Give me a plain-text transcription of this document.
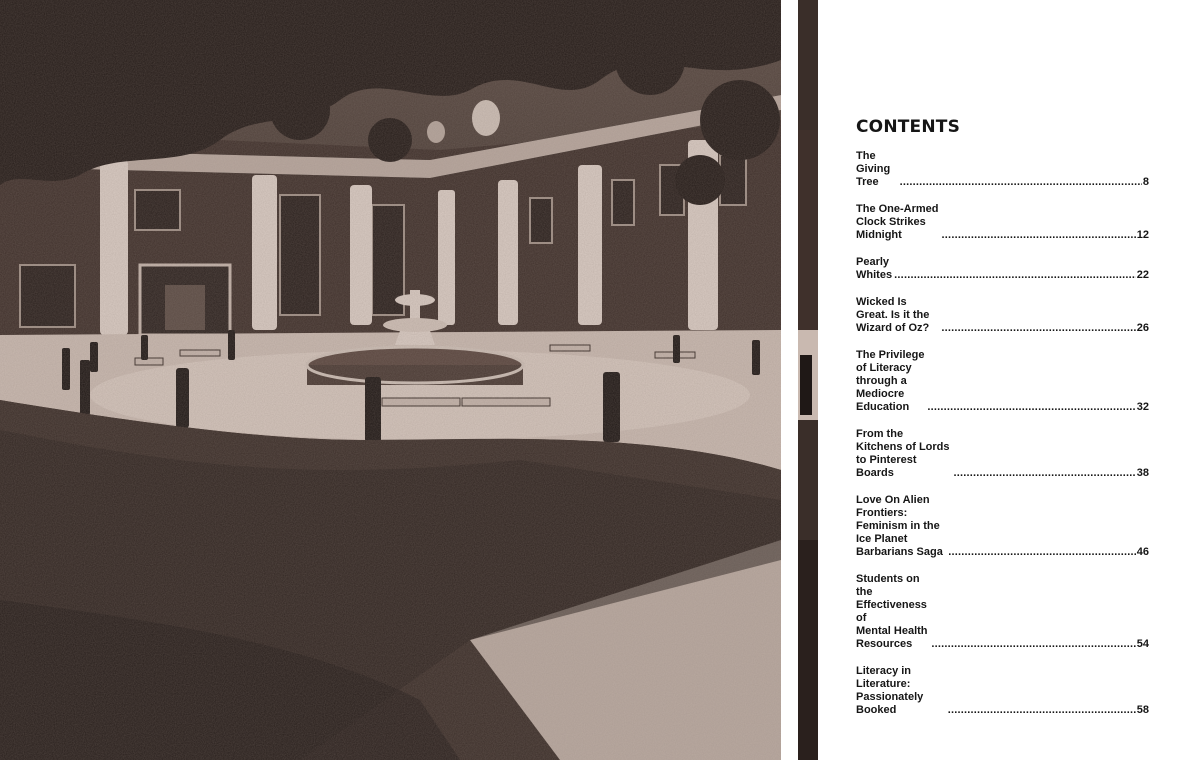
CONTENTS
The Giving Tree .....	8
The One-Armed Clock Strikes Midnight .....	12
Pearly Whites .....	22
Wicked Is Great. Is it the Wizard of Oz? .....	26
The Privilege of Literacy
through a Mediocre Education .....	32
From the Kitchens of Lords to Pinterest Boards .....	38
Love On Alien Frontiers:
Feminism in the Ice Planet Barbarians Saga .....	46
Students on the Effectiveness of
Mental Health Resources .....	54
Literacy in Literature: Passionately Booked .....	58
